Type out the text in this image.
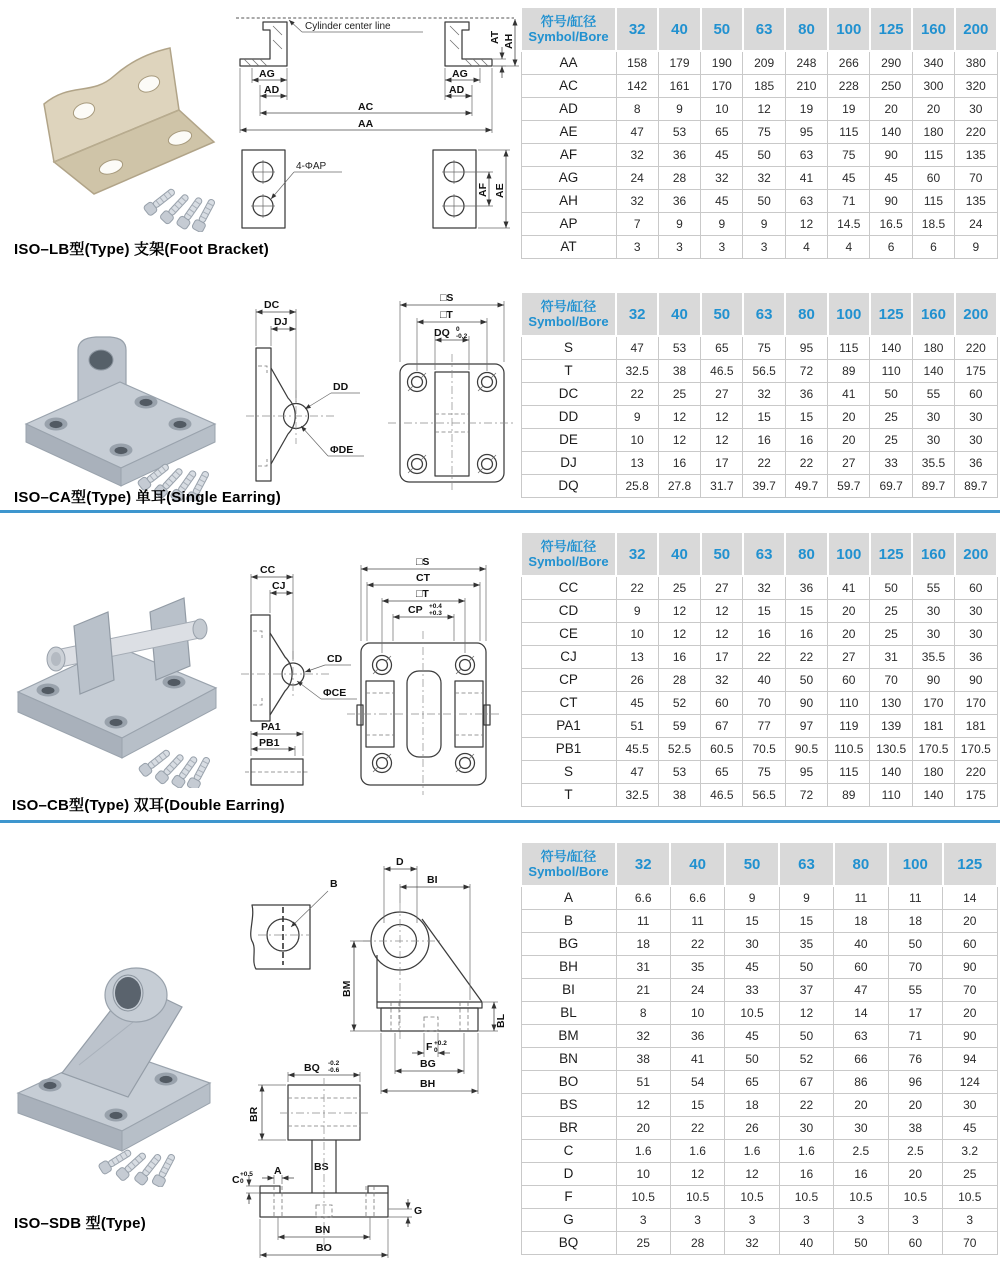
Cylinder center line
AG	AG
AD	AD
AC
AA
AT AH
4-ΦAP
AF AE
符号/缸径
Symbol/Bore	32	40	50	63	80	100	125	160	200
AA	158	179	190	209	248	266	290	340	380
AC	142	161	170	185	210	228	250	300	320
AD	8	9	10	12	19	19	20	20	30
AE	47	53	65	75	95	115	140	180	220
AF	32	36	45	50	63	75	90	115	135
AG	24	28	32	32	41	45	45	60	70
AH	32	36	45	50	63	71	90	115	135
AP	7	9	9	9	12	14.5	16.5	18.5	24
AT	3	3	3	3	4	4	6	6	9
ISO–LB型(Type) 支架(Foot Bracket)
DC
DJ
DD
ΦDE
□S
□T
DQ 0
-0.2
符号/缸径
Symbol/Bore	32	40	50	63	80	100	125	160	200
S	47	53	65	75	95	115	140	180	220
T	32.5	38	46.5	56.5	72	89	110	140	175
DC	22	25	27	32	36	41	50	55	60
DD	9	12	12	15	15	20	25	30	30
DE	10	12	12	16	16	20	25	30	30
DJ	13	16	17	22	22	27	33	35.5	36
DQ	25.8	27.8	31.7	39.7	49.7	59.7	69.7	89.7	89.7
ISO–CA型(Type) 单耳(Single Earring)
CC
CJ
CD
ΦCE
PA1
PB1
□S
CT
□T
CP +0.4
+0.3
符号/缸径
Symbol/Bore	32	40	50	63	80	100	125	160	200
CC	22	25	27	32	36	41	50	55	60
CD	9	12	12	15	15	20	25	30	30
CE	10	12	12	16	16	20	25	30	30
CJ	13	16	17	22	22	27	31	35.5	36
CP	26	28	32	40	50	60	70	90	90
CT	45	52	60	70	90	110	130	170	170
PA1	51	59	67	77	97	119	139	181	181
PB1	45.5	52.5	60.5	70.5	90.5	110.5	130.5	170.5	170.5
S	47	53	65	75	95	115	140	180	220
T	32.5	38	46.5	56.5	72	89	110	140	175
ISO–CB型(Type) 双耳(Double Earring)
B
D
BI
BM
BL
F +0.2
0
BG
BH
BQ -0.2
-0.6
BR
BS
A
C +0.5
0
G
BN
BO
符号/缸径
Symbol/Bore	32	40	50	63	80	100	125
A	6.6	6.6	9	9	11	11	14
B	11	11	15	15	18	18	20
BG	18	22	30	35	40	50	60
BH	31	35	45	50	60	70	90
BI	21	24	33	37	47	55	70
BL	8	10	10.5	12	14	17	20
BM	32	36	45	50	63	71	90
BN	38	41	50	52	66	76	94
BO	51	54	65	67	86	96	124
BS	12	15	18	22	20	20	30
BR	20	22	26	30	30	38	45
C	1.6	1.6	1.6	1.6	2.5	2.5	3.2
D	10	12	12	16	16	20	25
F	10.5	10.5	10.5	10.5	10.5	10.5	10.5
G	3	3	3	3	3	3	3
BQ	25	28	32	40	50	60	70
ISO–SDB 型(Type)
